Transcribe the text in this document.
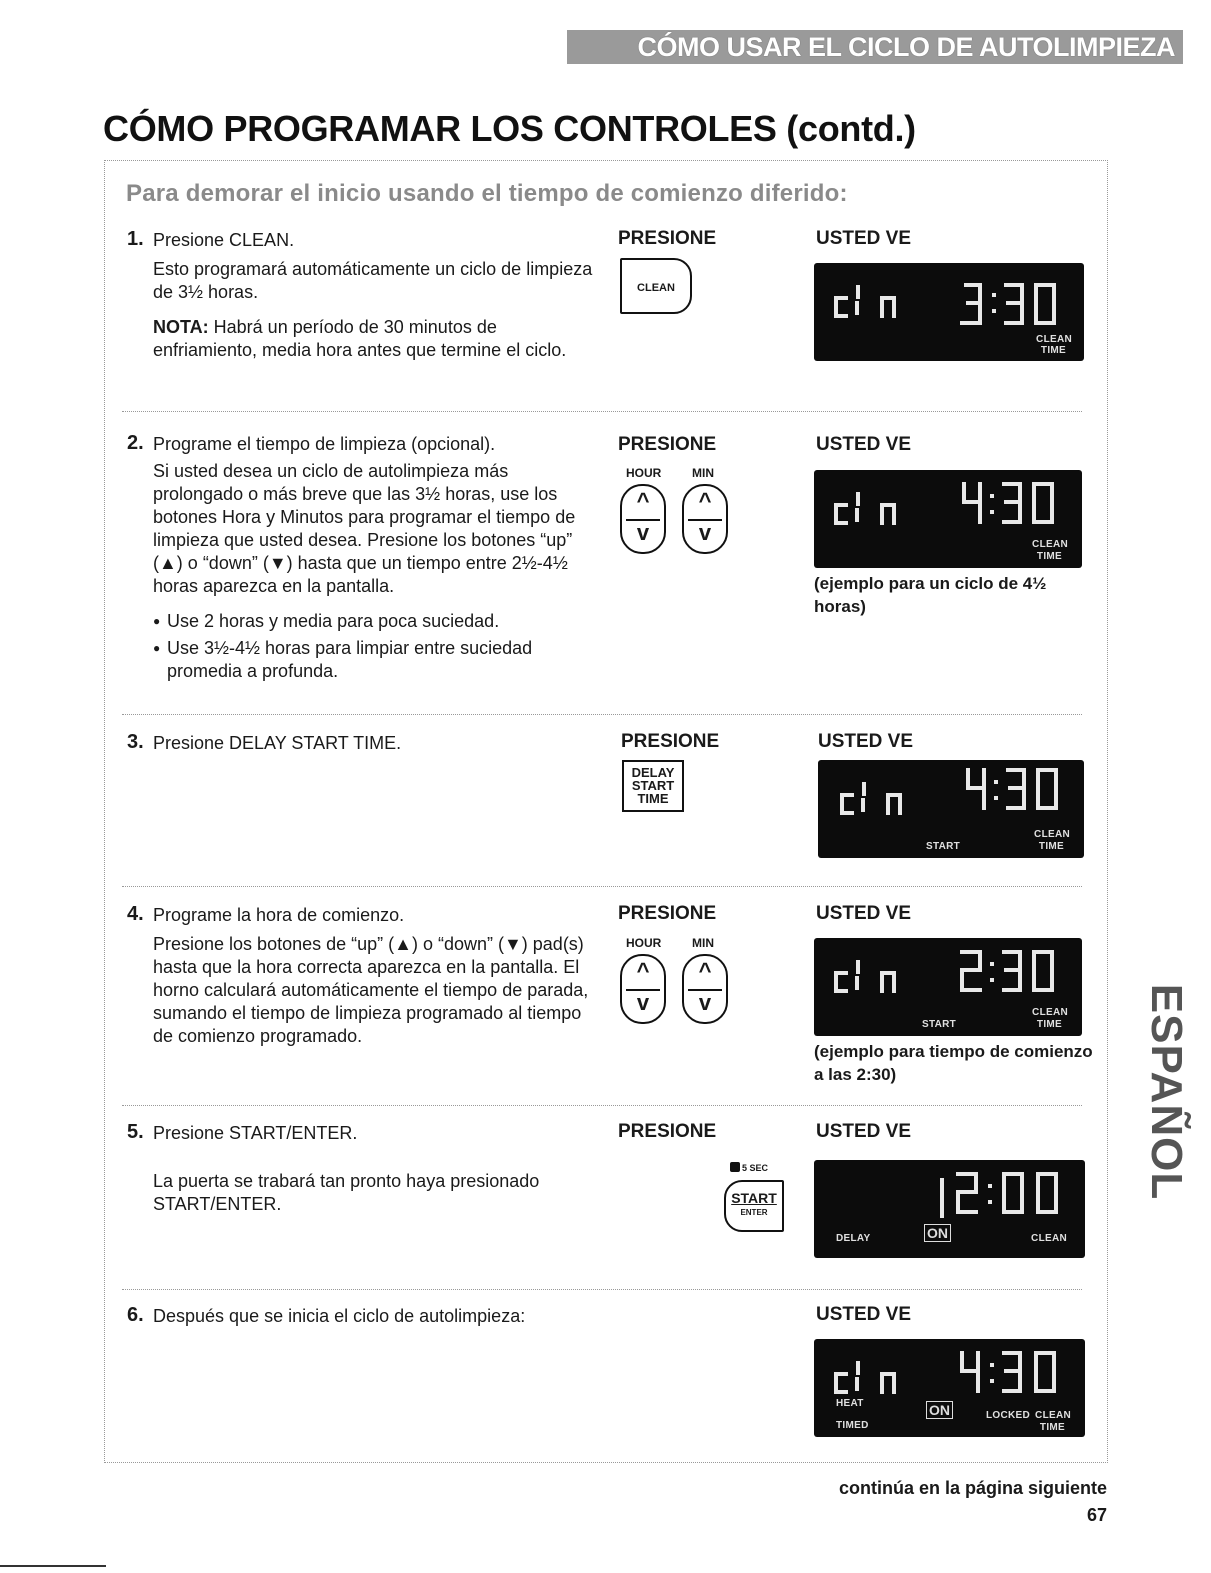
CÓMO USAR EL CICLO DE AUTOLIMPIEZA
CÓMO PROGRAMAR LOS CONTROLES (contd.)
Para demorar el inicio usando el tiempo de comienzo diferido:
1. Presione CLEAN.

Esto programará automáticamente un ciclo de limpieza de 3½ horas.

NOTA: Habrá un período de 30 minutos de enfriamiento, media hora antes que termine el ciclo.

PRESIONE	USTED VE
CLEAN
CLEAN
TIME
2. Programe el tiempo de limpieza (opcional).

Si usted desea un ciclo de autolimpieza más prolongado o más breve que las 3½ horas, use los botones Hora y Minutos para programar el tiempo de limpieza que usted desea. Presione los botones “up” (▲) o “down” (▼) hasta que un tiempo entre 2½-4½ horas aparezca en la pantalla.

● Use 2 horas y media para poca suciedad.
● Use 3½-4½ horas para limpiar entre suciedad promedia a profunda.
PRESIONE	USTED VE
HOUR	MIN
^
v
^
v	CLEAN
TIME
(ejemplo para un ciclo de 4½ horas)
3. Presione DELAY START TIME.	PRESIONE	USTED VE
DELAY
START
TIME
START
CLEAN
TIME
4. Programe la hora de comienzo.

Presione los botones de “up” (▲) o “down” (▼) pad(s) hasta que la hora correcta aparezca en la pantalla. El horno calculará automáticamente el tiempo de parada, sumando el tiempo de limpieza programado al tiempo de comienzo programado.

PRESIONE	USTED VE
HOUR	MIN
^
v
^
v
START
CLEAN
TIME
(ejemplo para tiempo de comienzo a las 2:30)
5. Presione START/ENTER.

La puerta se trabará tan pronto haya presionado START/ENTER.

PRESIONE	USTED VE
5 SEC
START
ENTER
DELAY	ON	CLEAN
6. Después que se inicia el ciclo de autolimpieza:	USTED VE
HEAT
TIMED
ON	LOCKED CLEAN
TIME
continúa en la página siguiente
67
ESPAÑOL
